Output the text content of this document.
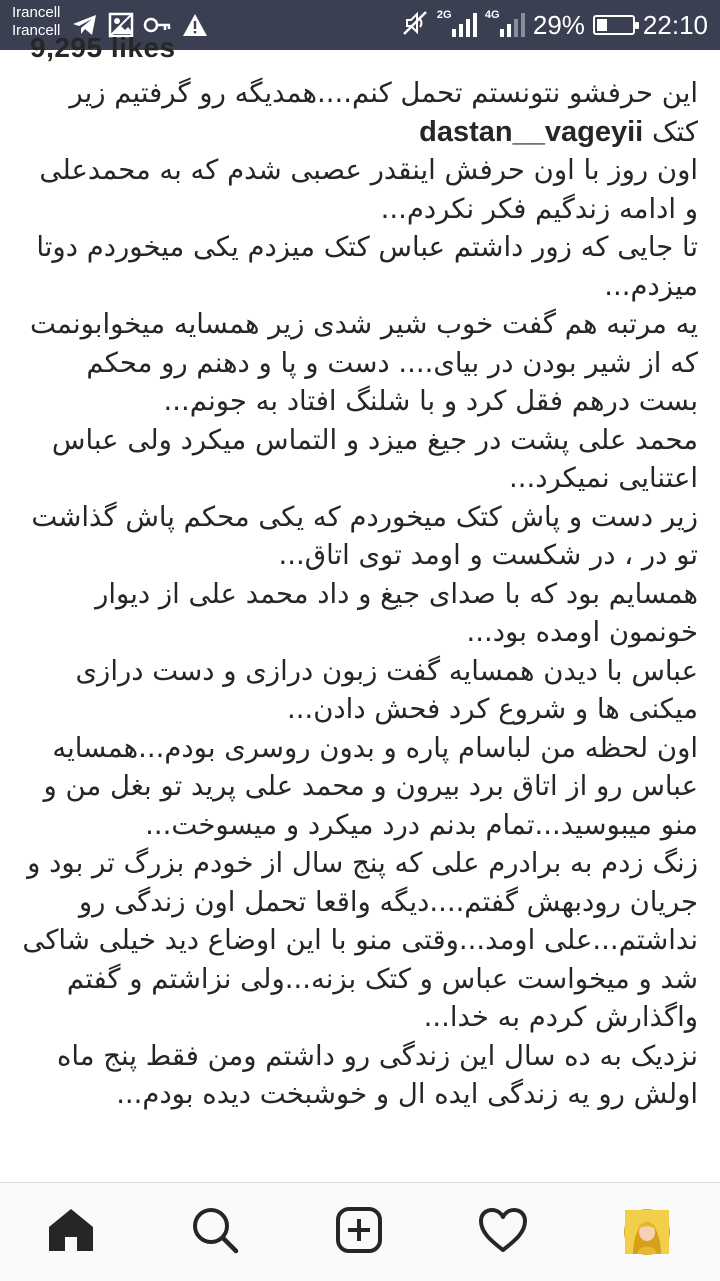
Irancell
Irancell
2G	4G 29% 22:10
9,295 likes

این حرفشو نتونستم تحمل کنم....همدیگه رو گرفتیم زیر کتک dastan__vageyii

اون روز با اون حرفش اینقدر عصبی شدم که به محمدعلی و ادامه زندگیم فکر نکردم...

تا جایی که زور داشتم عباس کتک میزدم یکی میخوردم دوتا میزدم...

یه مرتبه هم گفت خوب شیر شدی زیر همسایه میخوابونمت که از شیر بودن در بیای.... دست و پا و دهنم رو محکم بست درهم فقل کرد و با شلنگ افتاد به جونم...

محمد علی پشت در جیغ میزد و التماس میکرد ولی عباس اعتنایی نمیکرد...

زیر دست و پاش کتک میخوردم که یکی محکم پاش گذاشت تو در ، در شکست و اومد توی اتاق...

همسایم بود که با صدای جیغ و داد محمد علی از دیوار خونمون اومده بود...

عباس با دیدن همسایه گفت زبون درازی و دست درازی میکنی ها و شروع کرد فحش دادن...

اون لحظه من لباسام پاره و بدون روسری بودم...همسایه عباس رو از اتاق برد بیرون و محمد علی پرید تو بغل من و منو میبوسید...تمام بدنم درد میکرد و میسوخت...

زنگ زدم به برادرم علی که پنج سال از خودم بزرگ تر بود و جریان رودبهش گفتم....دیگه واقعا تحمل اون زندگی رو نداشتم...علی اومد...وقتی منو با این اوضاع دید خیلی شاکی شد و میخواست عباس و کتک بزنه...ولی نزاشتم و گفتم واگذارش کردم به خدا...

نزدیک به ده سال این زندگی رو داشتم ومن فقط پنج ماه اولش رو یه زندگی ایده ال و خوشبخت دیده بودم...
